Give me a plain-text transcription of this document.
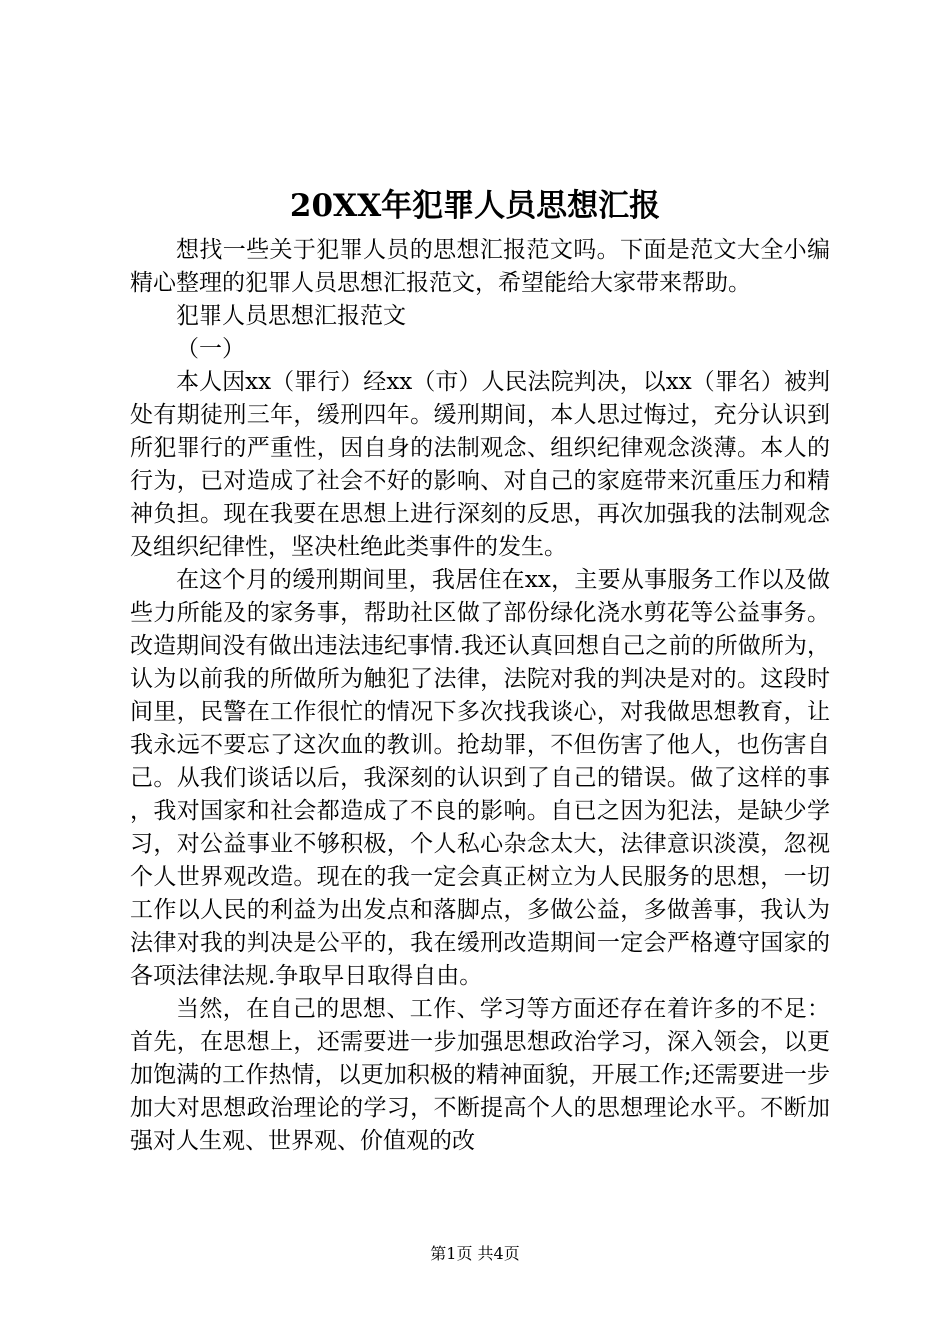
20XX年犯罪人员思想汇报

想找一些关于犯罪人员的思想汇报范文吗。下面是范文大全小编精心整理的犯罪人员思想汇报范文，希望能给大家带来帮助。

犯罪人员思想汇报范文

（一）

本人因xx（罪行）经xx（市）人民法院判决，以xx（罪名）被判处有期徒刑三年，缓刑四年。缓刑期间，本人思过悔过，充分认识到所犯罪行的严重性，因自身的法制观念、组织纪律观念淡薄。本人的行为，已对造成了社会不好的影响、对自己的家庭带来沉重压力和精神负担。现在我要在思想上进行深刻的反思，再次加强我的法制观念及组织纪律性，坚决杜绝此类事件的发生。

在这个月的缓刑期间里，我居住在xx，主要从事服务工作以及做些力所能及的家务事，帮助社区做了部份绿化浇水剪花等公益事务。改造期间没有做出违法违纪事情.我还认真回想自己之前的所做所为，认为以前我的所做所为触犯了法律，法院对我的判决是对的。这段时间里，民警在工作很忙的情况下多次找我谈心，对我做思想教育，让我永远不要忘了这次血的教训。抢劫罪，不但伤害了他人，也伤害自己。从我们谈话以后，我深刻的认识到了自己的错误。做了这样的事，我对国家和社会都造成了不良的影响。自已之因为犯法，是缺少学习，对公益事业不够积极，个人私心杂念太大，法律意识淡漠，忽视个人世界观改造。现在的我一定会真正树立为人民服务的思想，一切工作以人民的利益为出发点和落脚点，多做公益，多做善事，我认为法律对我的判决是公平的，我在缓刑改造期间一定会严格遵守国家的各项法律法规.争取早日取得自由。

当然，在自己的思想、工作、学习等方面还存在着许多的不足：首先，在思想上，还需要进一步加强思想政治学习，深入领会，以更加饱满的工作热情，以更加积极的精神面貌，开展工作;还需要进一步加大对思想政治理论的学习，不断提高个人的思想理论水平。不断加强对人生观、世界观、价值观的改

第1页 共4页
